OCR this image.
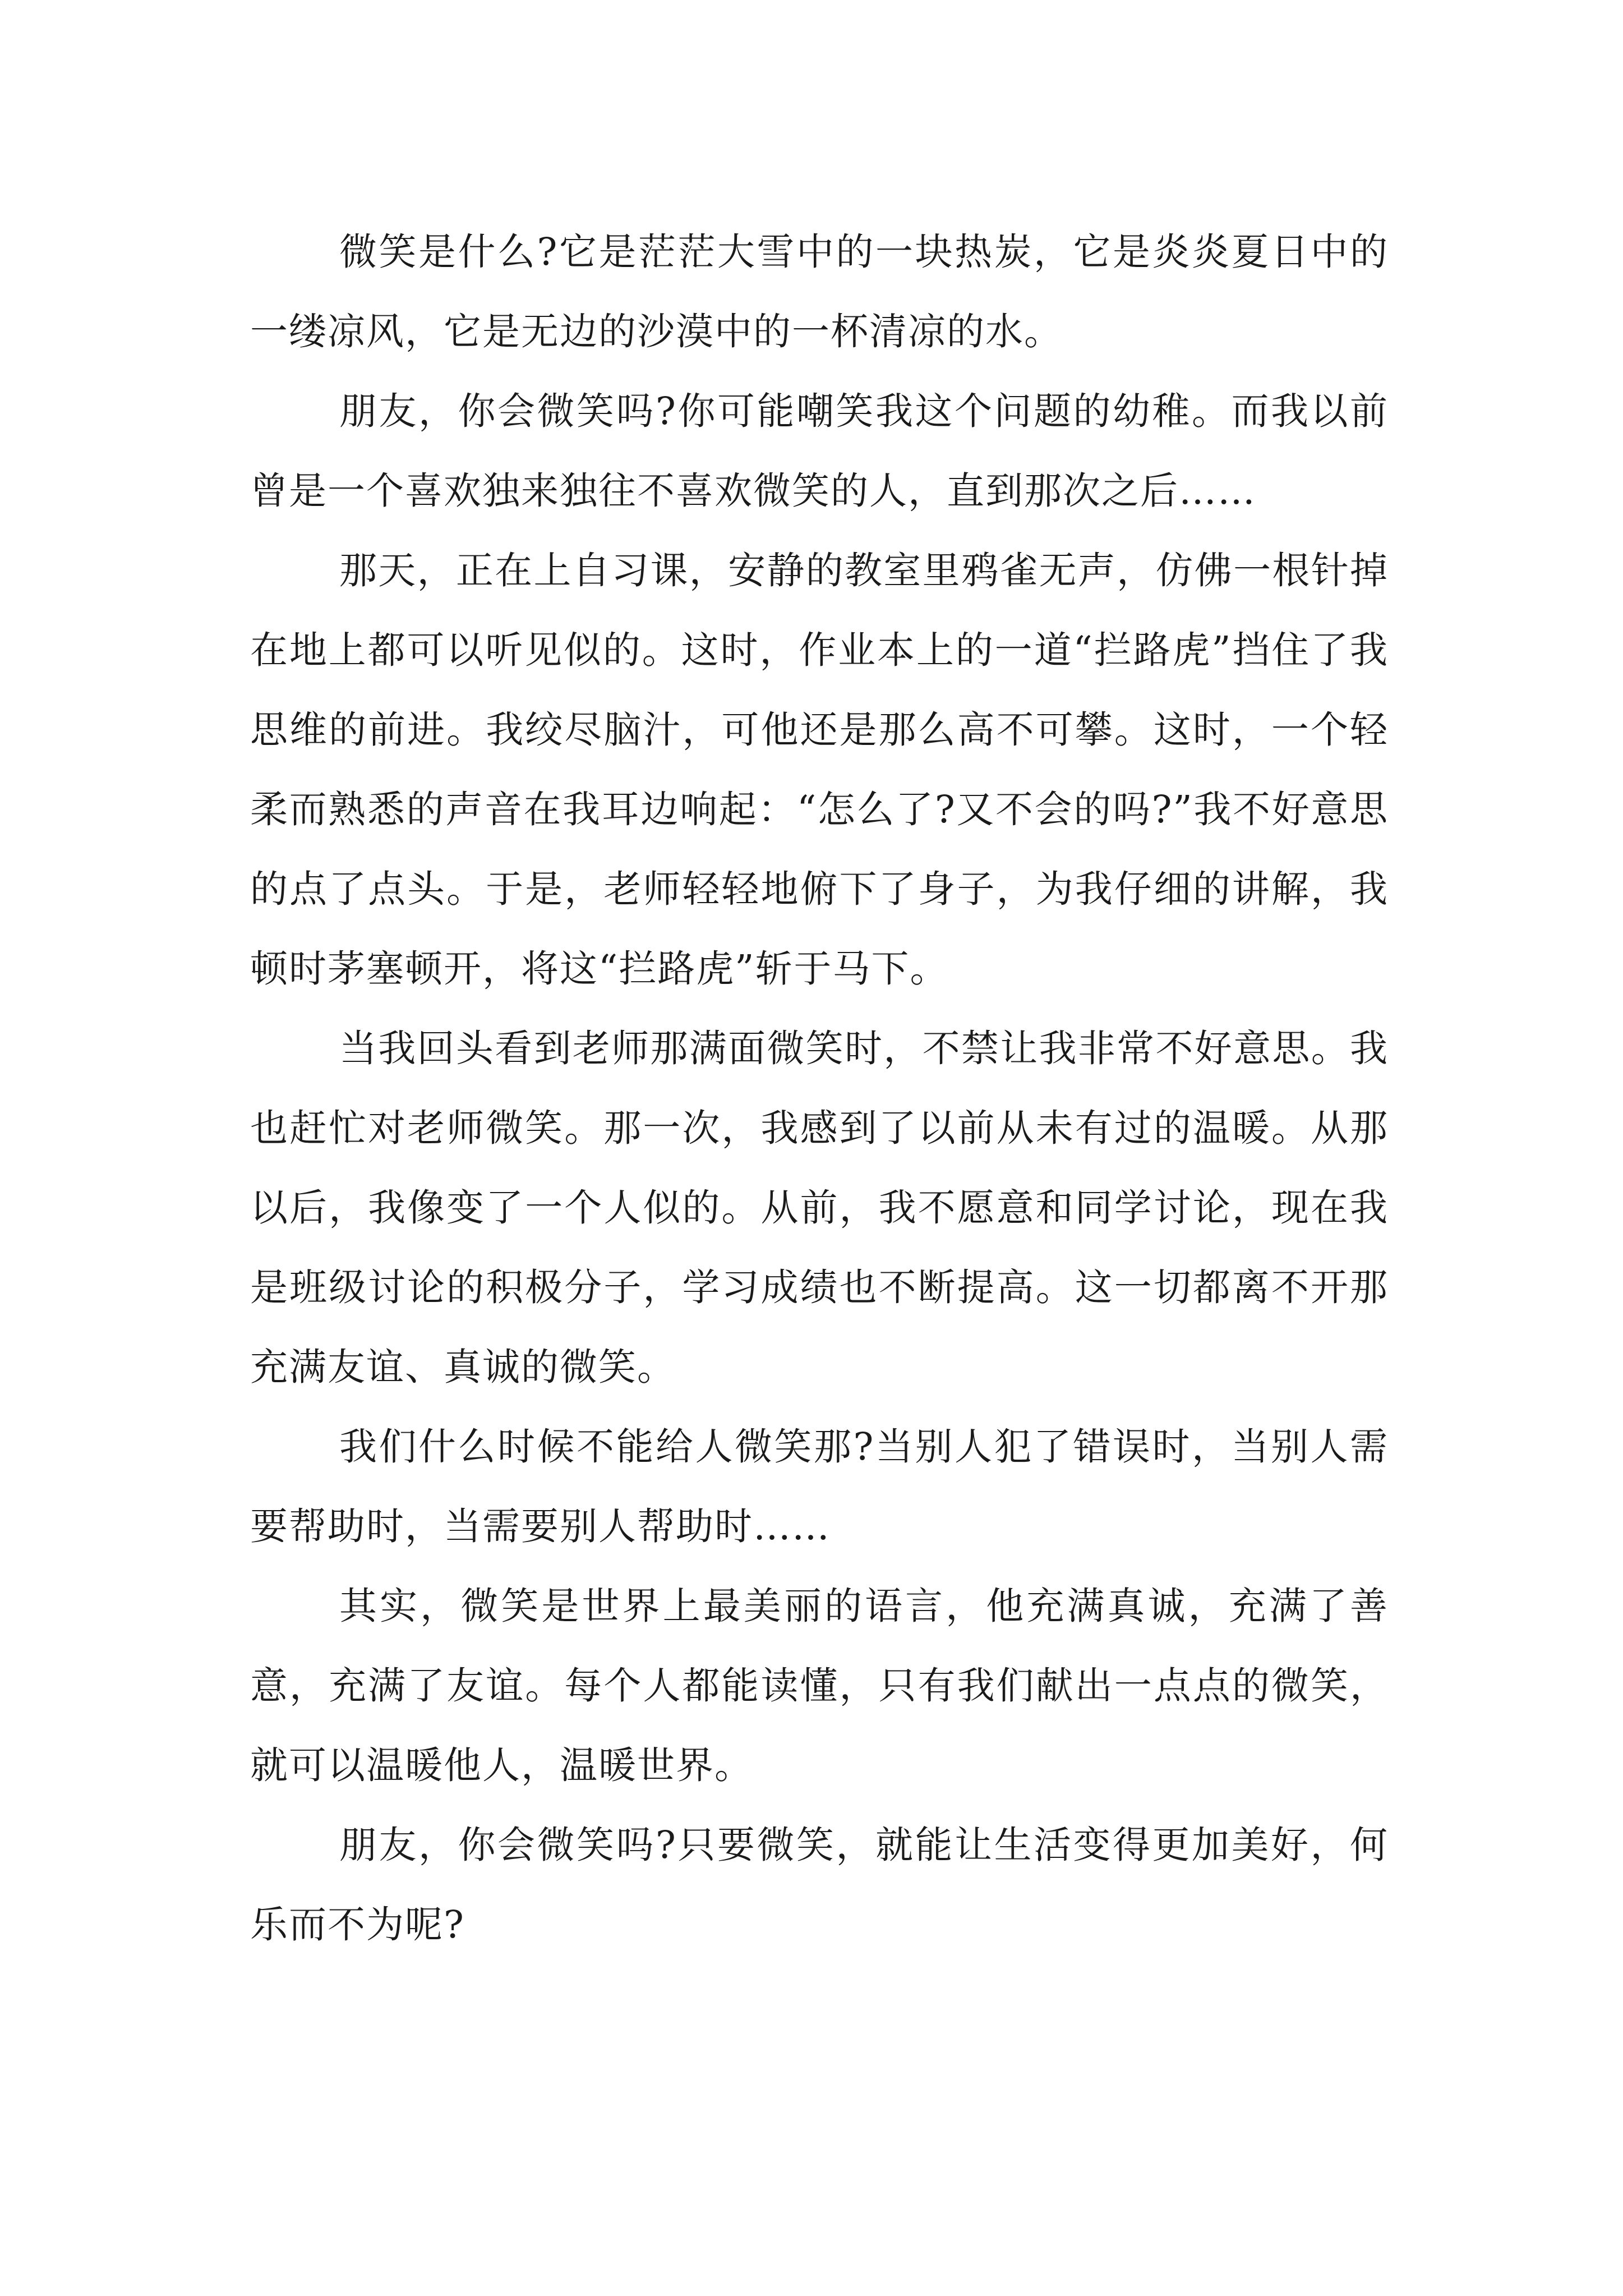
微笑是什么?它是茫茫大雪中的一块热炭，它是炎炎夏日中的一缕凉风，它是无边的沙漠中的一杯清凉的水。

朋友，你会微笑吗?你可能嘲笑我这个问题的幼稚。而我以前曾是一个喜欢独来独往不喜欢微笑的人，直到那次之后……

那天，正在上自习课，安静的教室里鸦雀无声，仿佛一根针掉在地上都可以听见似的。这时，作业本上的一道“拦路虎”挡住了我思维的前进。我绞尽脑汁，可他还是那么高不可攀。这时，一个轻柔而熟悉的声音在我耳边响起：“怎么了?又不会的吗?”我不好意思的点了点头。于是，老师轻轻地俯下了身子，为我仔细的讲解，我顿时茅塞顿开，将这“拦路虎”斩于马下。

当我回头看到老师那满面微笑时，不禁让我非常不好意思。我也赶忙对老师微笑。那一次，我感到了以前从未有过的温暖。从那以后，我像变了一个人似的。从前，我不愿意和同学讨论，现在我是班级讨论的积极分子，学习成绩也不断提高。这一切都离不开那充满友谊、真诚的微笑。

我们什么时候不能给人微笑那?当别人犯了错误时，当别人需要帮助时，当需要别人帮助时……

其实，微笑是世界上最美丽的语言，他充满真诚，充满了善意，充满了友谊。每个人都能读懂，只有我们献出一点点的微笑，就可以温暖他人，温暖世界。

朋友，你会微笑吗?只要微笑，就能让生活变得更加美好，何乐而不为呢?
